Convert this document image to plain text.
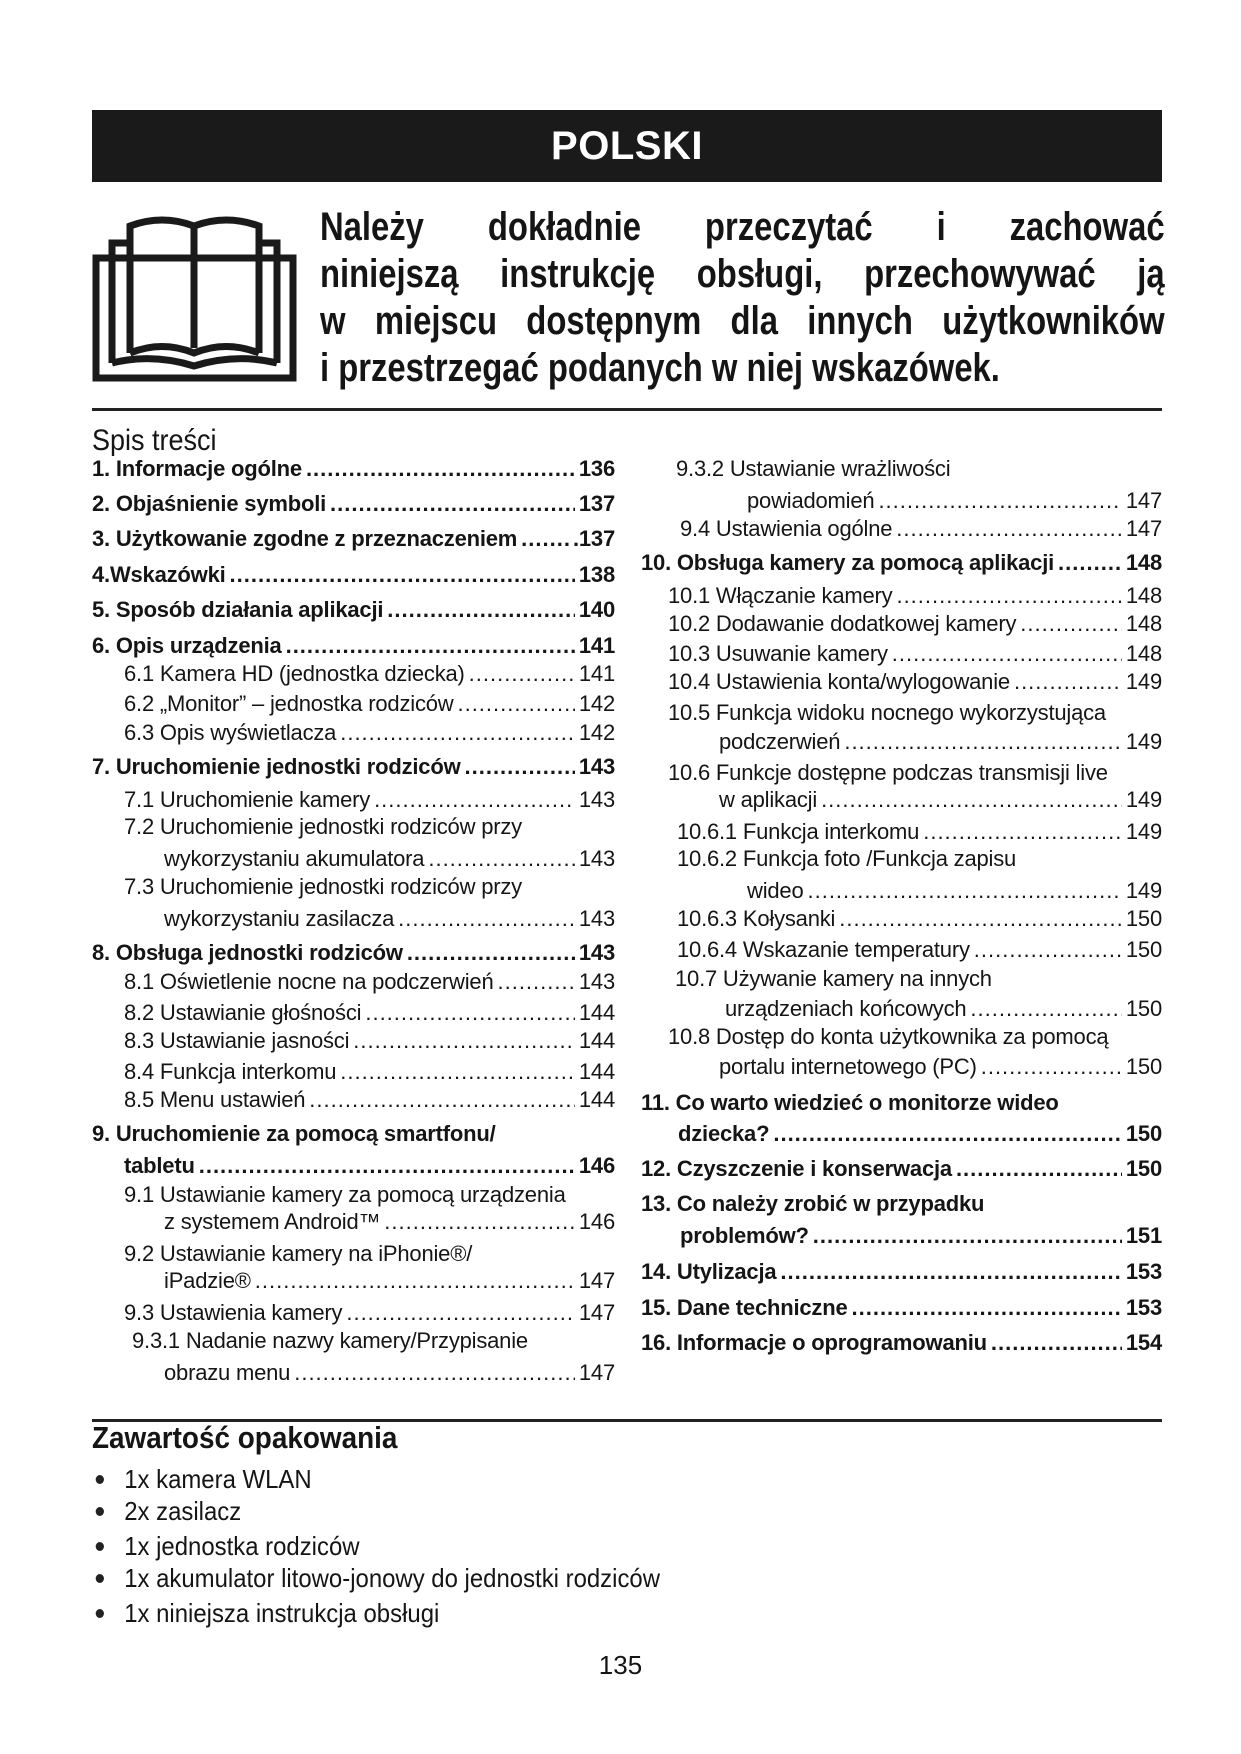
POLSKI
Należy dokładnie przeczytać i zachować
niniejszą instrukcję obsługi, przechowywać ją
w miejscu dostępnym dla innych użytkowników
i przestrzegać podanych w niej wskazówek.
Spis treści
1. Informacje ogólne .....	136
2. Objaśnienie symboli .....	137
3. Użytkowanie zgodne z przeznaczeniem .....	.137
4.Wskazówki .....	138
5. Sposób działania aplikacji .....	140
6. Opis urządzenia .....	141
6.1 Kamera HD (jednostka dziecka) .....	141
6.2 „Monitor” – jednostka rodziców .....	142
6.3 Opis wyświetlacza .....	142
7. Uruchomienie jednostki rodziców .....	143
7.1 Uruchomienie kamery .....	143
7.2 Uruchomienie jednostki rodziców przy
wykorzystaniu akumulatora .....	143
7.3 Uruchomienie jednostki rodziców przy
wykorzystaniu zasilacza .....	143
8. Obsługa jednostki rodziców .....	143
8.1 Oświetlenie nocne na podczerwień .....	143
8.2 Ustawianie głośności .....	144
8.3 Ustawianie jasności .....	144
8.4 Funkcja interkomu .....	144
8.5 Menu ustawień .....	144
9. Uruchomienie za pomocą smartfonu/
tabletu .....	146
9.1 Ustawianie kamery za pomocą urządzenia
z systemem Android™ .....	146
9.2 Ustawianie kamery na iPhonie®/
iPadzie® .....	147
9.3 Ustawienia kamery .....	147
9.3.1 Nadanie nazwy kamery/Przypisanie
obrazu menu .....	147
9.3.2 Ustawianie wrażliwości
powiadomień .....	147
9.4 Ustawienia ogólne .....	147
10. Obsługa kamery za pomocą aplikacji .....	148
10.1 Włączanie kamery .....	148
10.2 Dodawanie dodatkowej kamery .....	148
10.3 Usuwanie kamery .....	148
10.4 Ustawienia konta/wylogowanie .....	149
10.5 Funkcja widoku nocnego wykorzystująca
podczerwień .....	149
10.6 Funkcje dostępne podczas transmisji live
w aplikacji .....	149
10.6.1 Funkcja interkomu .....	149
10.6.2 Funkcja foto /Funkcja zapisu
wideo .....	149
10.6.3 Kołysanki .....	150
10.6.4 Wskazanie temperatury .....	150
10.7 Używanie kamery na innych
urządzeniach końcowych .....	150
10.8 Dostęp do konta użytkownika za pomocą
portalu internetowego (PC) .....	150
11. Co warto wiedzieć o monitorze wideo
dziecka? .....	150
12. Czyszczenie i konserwacja .....	150
13. Co należy zrobić w przypadku
problemów? .....	151
14. Utylizacja .....	153
15. Dane techniczne .....	153
16. Informacje o oprogramowaniu .....	154
Zawartość opakowania
1x kamera WLAN
2x zasilacz
1x jednostka rodziców
1x akumulator litowo-jonowy do jednostki rodziców
1x niniejsza instrukcja obsługi
135
